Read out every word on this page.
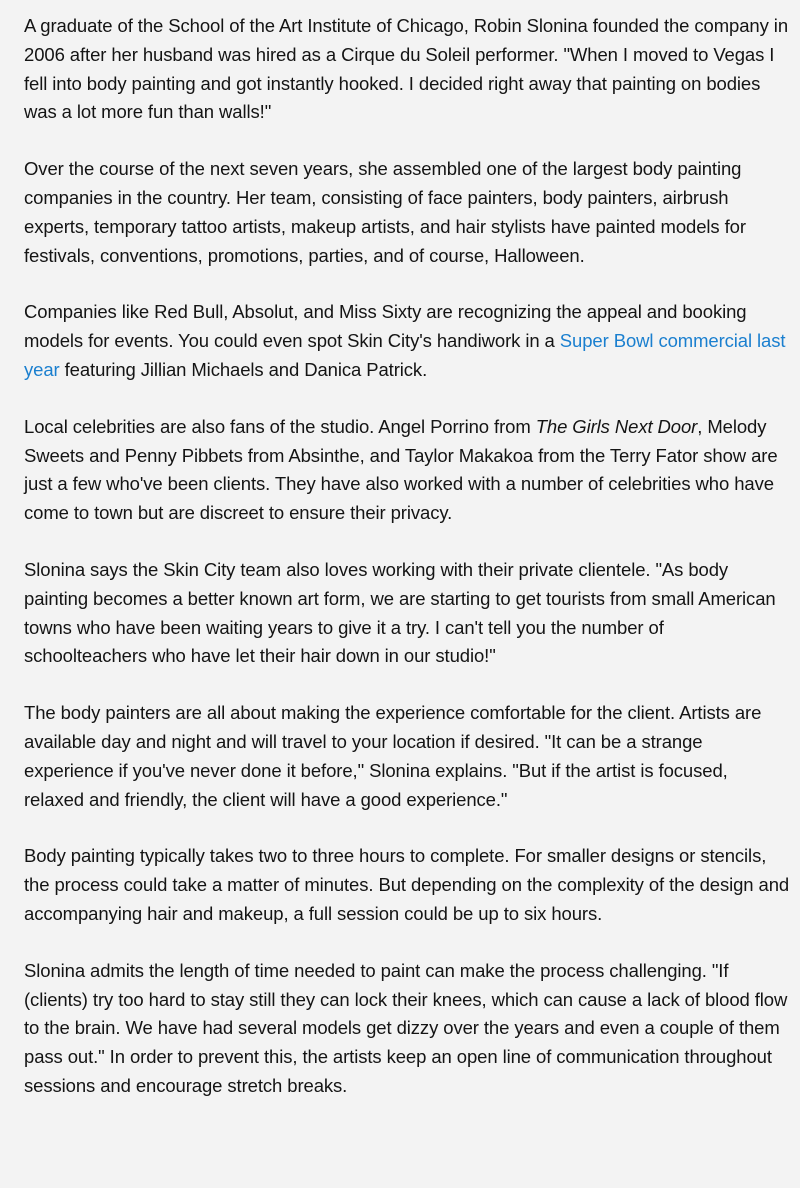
A graduate of the School of the Art Institute of Chicago, Robin Slonina founded the company in 2006 after her husband was hired as a Cirque du Soleil performer. "When I moved to Vegas I fell into body painting and got instantly hooked. I decided right away that painting on bodies was a lot more fun than walls!"

Over the course of the next seven years, she assembled one of the largest body painting companies in the country. Her team, consisting of face painters, body painters, airbrush experts, temporary tattoo artists, makeup artists, and hair stylists have painted models for festivals, conventions, promotions, parties, and of course, Halloween.

Companies like Red Bull, Absolut, and Miss Sixty are recognizing the appeal and booking models for events. You could even spot Skin City's handiwork in a Super Bowl commercial last year featuring Jillian Michaels and Danica Patrick.

Local celebrities are also fans of the studio. Angel Porrino from The Girls Next Door, Melody Sweets and Penny Pibbets from Absinthe, and Taylor Makakoa from the Terry Fator show are just a few who've been clients. They have also worked with a number of celebrities who have come to town but are discreet to ensure their privacy.

Slonina says the Skin City team also loves working with their private clientele. "As body painting becomes a better known art form, we are starting to get tourists from small American towns who have been waiting years to give it a try. I can't tell you the number of schoolteachers who have let their hair down in our studio!"

The body painters are all about making the experience comfortable for the client. Artists are available day and night and will travel to your location if desired. "It can be a strange experience if you've never done it before," Slonina explains. "But if the artist is focused, relaxed and friendly, the client will have a good experience."

Body painting typically takes two to three hours to complete. For smaller designs or stencils, the process could take a matter of minutes. But depending on the complexity of the design and accompanying hair and makeup, a full session could be up to six hours.

Slonina admits the length of time needed to paint can make the process challenging. "If (clients) try too hard to stay still they can lock their knees, which can cause a lack of blood flow to the brain. We have had several models get dizzy over the years and even a couple of them pass out." In order to prevent this, the artists keep an open line of communication throughout sessions and encourage stretch breaks.
